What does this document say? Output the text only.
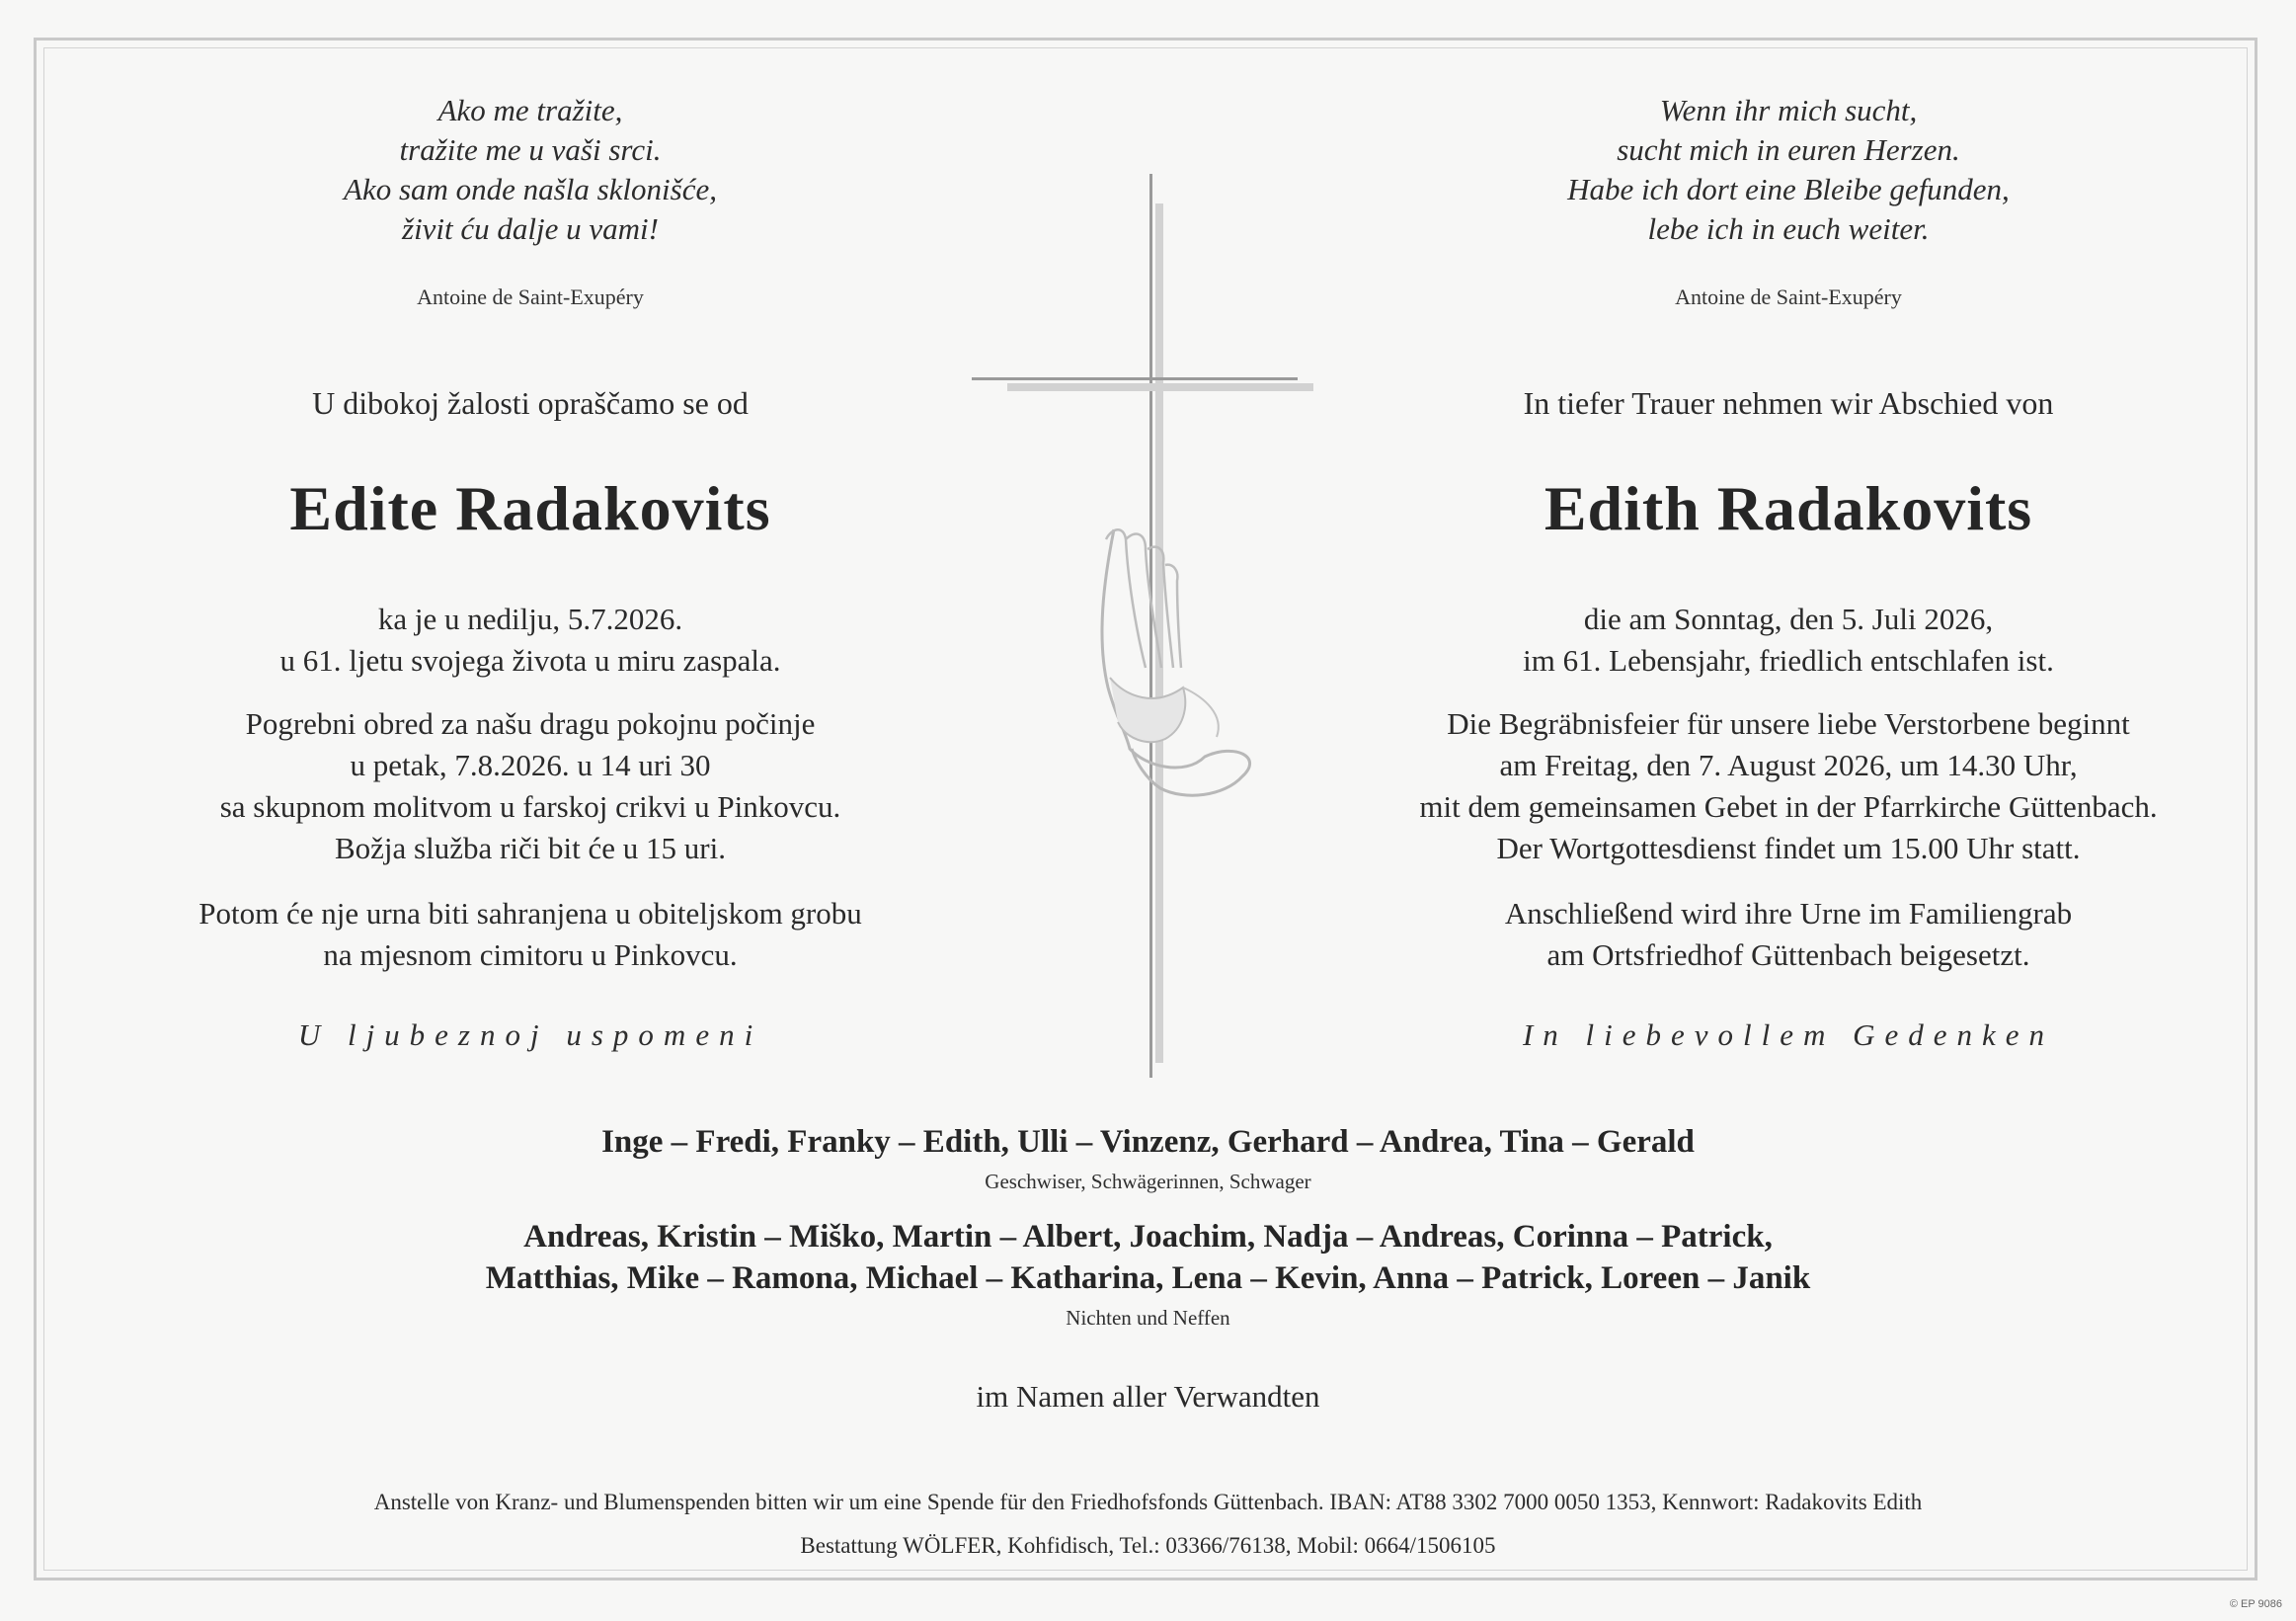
Ako me tražite,
tražite me u vaši srci.
Ako sam onde našla sklonišće,
živit ću dalje u vami!
Antoine de Saint-Exupéry
U dibokoj žalosti opraščamo se od
Edite Radakovits
ka je u nedilju, 5.7.2026.
u 61. ljetu svojega života u miru zaspala.
Pogrebni obred za našu dragu pokojnu počinje
u petak, 7.8.2026. u 14 uri 30
sa skupnom molitvom u farskoj crikvi u Pinkovcu.
Božja služba riči bit će u 15 uri.
Potom će nje urna biti sahranjena u obiteljskom grobu
na mjesnom cimitoru u Pinkovcu.
U ljubeznoj uspomeni
Wenn ihr mich sucht,
sucht mich in euren Herzen.
Habe ich dort eine Bleibe gefunden,
lebe ich in euch weiter.
Antoine de Saint-Exupéry
In tiefer Trauer nehmen wir Abschied von
Edith Radakovits
die am Sonntag, den 5. Juli 2026,
im 61. Lebensjahr, friedlich entschlafen ist.
Die Begräbnisfeier für unsere liebe Verstorbene beginnt
am Freitag, den 7. August 2026, um 14.30 Uhr,
mit dem gemeinsamen Gebet in der Pfarrkirche Güttenbach.
Der Wortgottesdienst findet um 15.00 Uhr statt.
Anschließend wird ihre Urne im Familiengrab
am Ortsfriedhof Güttenbach beigesetzt.
In liebevollem Gedenken
Inge – Fredi, Franky – Edith, Ulli – Vinzenz, Gerhard – Andrea, Tina – Gerald
Geschwiser, Schwägerinnen, Schwager
Andreas, Kristin – Miško, Martin – Albert, Joachim, Nadja – Andreas, Corinna – Patrick,
Matthias, Mike – Ramona, Michael – Katharina, Lena – Kevin, Anna – Patrick, Loreen – Janik
Nichten und Neffen
im Namen aller Verwandten
Anstelle von Kranz- und Blumenspenden bitten wir um eine Spende für den Friedhofsfonds Güttenbach. IBAN: AT88 3302 7000 0050 1353, Kennwort: Radakovits Edith
Bestattung WÖLFER, Kohfidisch, Tel.: 03366/76138, Mobil: 0664/1506105
© EP 9086
